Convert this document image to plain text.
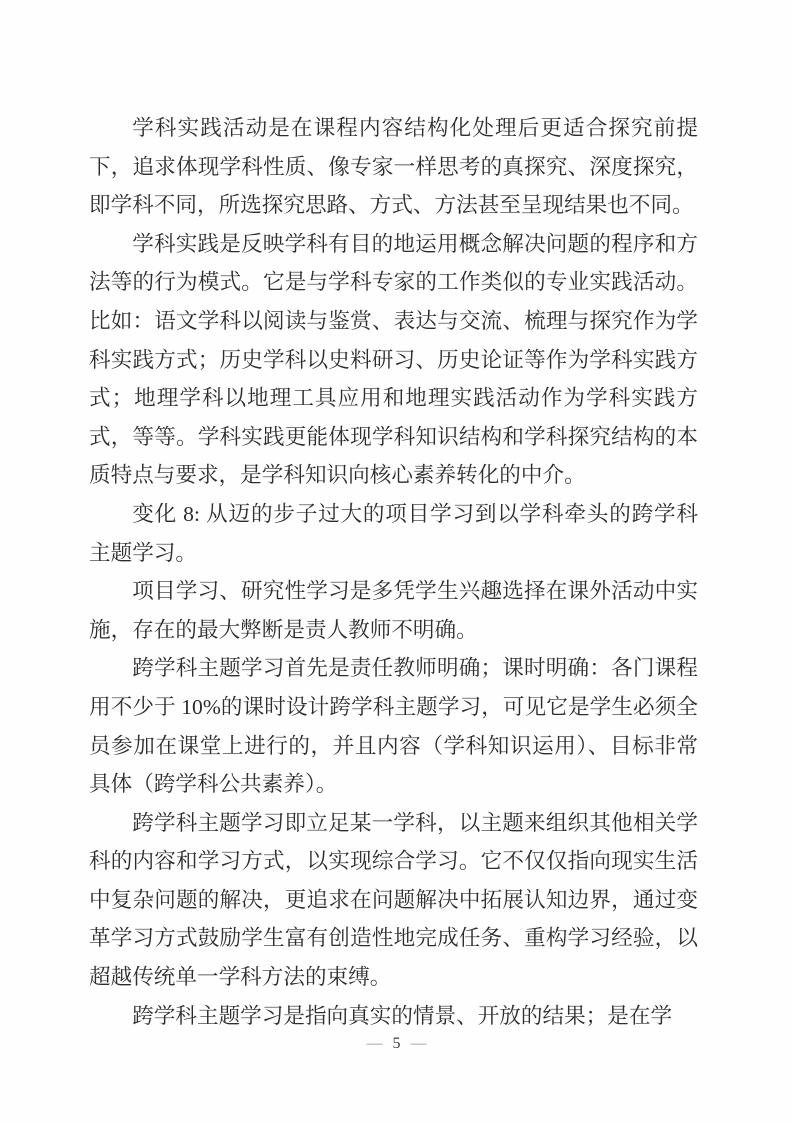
学科实践活动是在课程内容结构化处理后更适合探究前提下，追求体现学科性质、像专家一样思考的真探究、深度探究，即学科不同，所选探究思路、方式、方法甚至呈现结果也不同。

学科实践是反映学科有目的地运用概念解决问题的程序和方法等的行为模式。它是与学科专家的工作类似的专业实践活动。比如：语文学科以阅读与鉴赏、表达与交流、梳理与探究作为学科实践方式；历史学科以史料研习、历史论证等作为学科实践方式；地理学科以地理工具应用和地理实践活动作为学科实践方式，等等。学科实践更能体现学科知识结构和学科探究结构的本质特点与要求，是学科知识向核心素养转化的中介。

变化 8: 从迈的步子过大的项目学习到以学科牵头的跨学科主题学习。

项目学习、研究性学习是多凭学生兴趣选择在课外活动中实施，存在的最大弊断是责人教师不明确。

跨学科主题学习首先是责任教师明确；课时明确：各门课程用不少于 10%的课时设计跨学科主题学习，可见它是学生必须全员参加在课堂上进行的，并且内容（学科知识运用）、目标非常具体（跨学科公共素养）。

跨学科主题学习即立足某一学科，以主题来组织其他相关学科的内容和学习方式，以实现综合学习。它不仅仅指向现实生活中复杂问题的解决，更追求在问题解决中拓展认知边界，通过变革学习方式鼓励学生富有创造性地完成任务、重构学习经验，以超越传统单一学科方法的束缚。

跨学科主题学习是指向真实的情景、开放的结果；是在学

— 5 —
